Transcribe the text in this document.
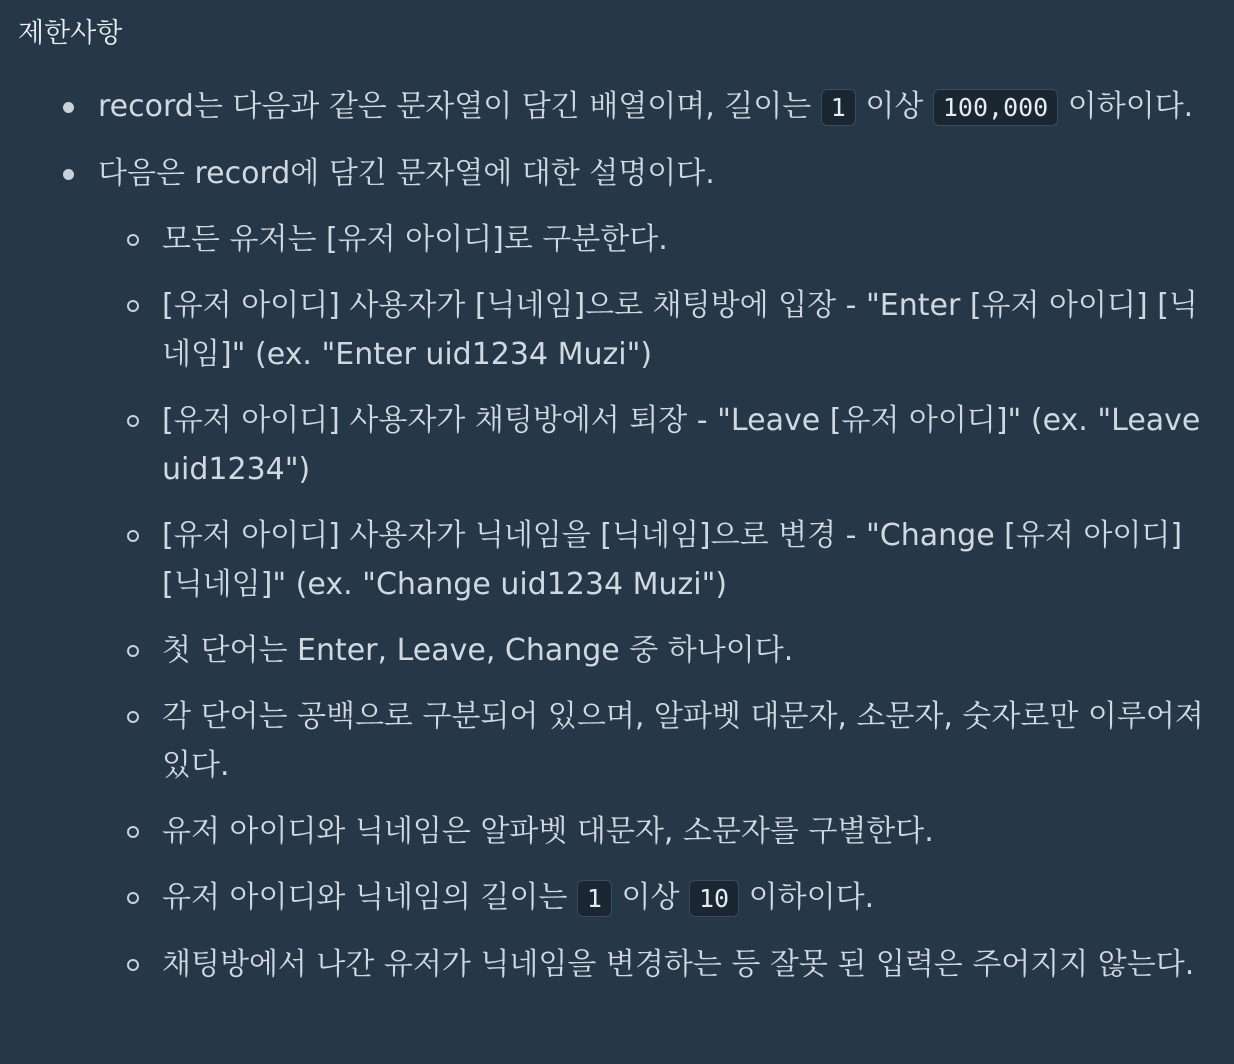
제한사항
record는 다음과 같은 문자열이 담긴 배열이며, 길이는 1 이상 100,000 이하이다.
다음은 record에 담긴 문자열에 대한 설명이다.
모든 유저는 [유저 아이디]로 구분한다.
[유저 아이디] 사용자가 [닉네임]으로 채팅방에 입장 - "Enter [유저 아이디] [닉네임]" (ex. "Enter uid1234 Muzi")
[유저 아이디] 사용자가 채팅방에서 퇴장 - "Leave [유저 아이디]" (ex. "Leave uid1234")
[유저 아이디] 사용자가 닉네임을 [닉네임]으로 변경 - "Change [유저 아이디] [닉네임]" (ex. "Change uid1234 Muzi")
첫 단어는 Enter, Leave, Change 중 하나이다.
각 단어는 공백으로 구분되어 있으며, 알파벳 대문자, 소문자, 숫자로만 이루어져있다.
유저 아이디와 닉네임은 알파벳 대문자, 소문자를 구별한다.
유저 아이디와 닉네임의 길이는 1 이상 10 이하이다.
채팅방에서 나간 유저가 닉네임을 변경하는 등 잘못 된 입력은 주어지지 않는다.
